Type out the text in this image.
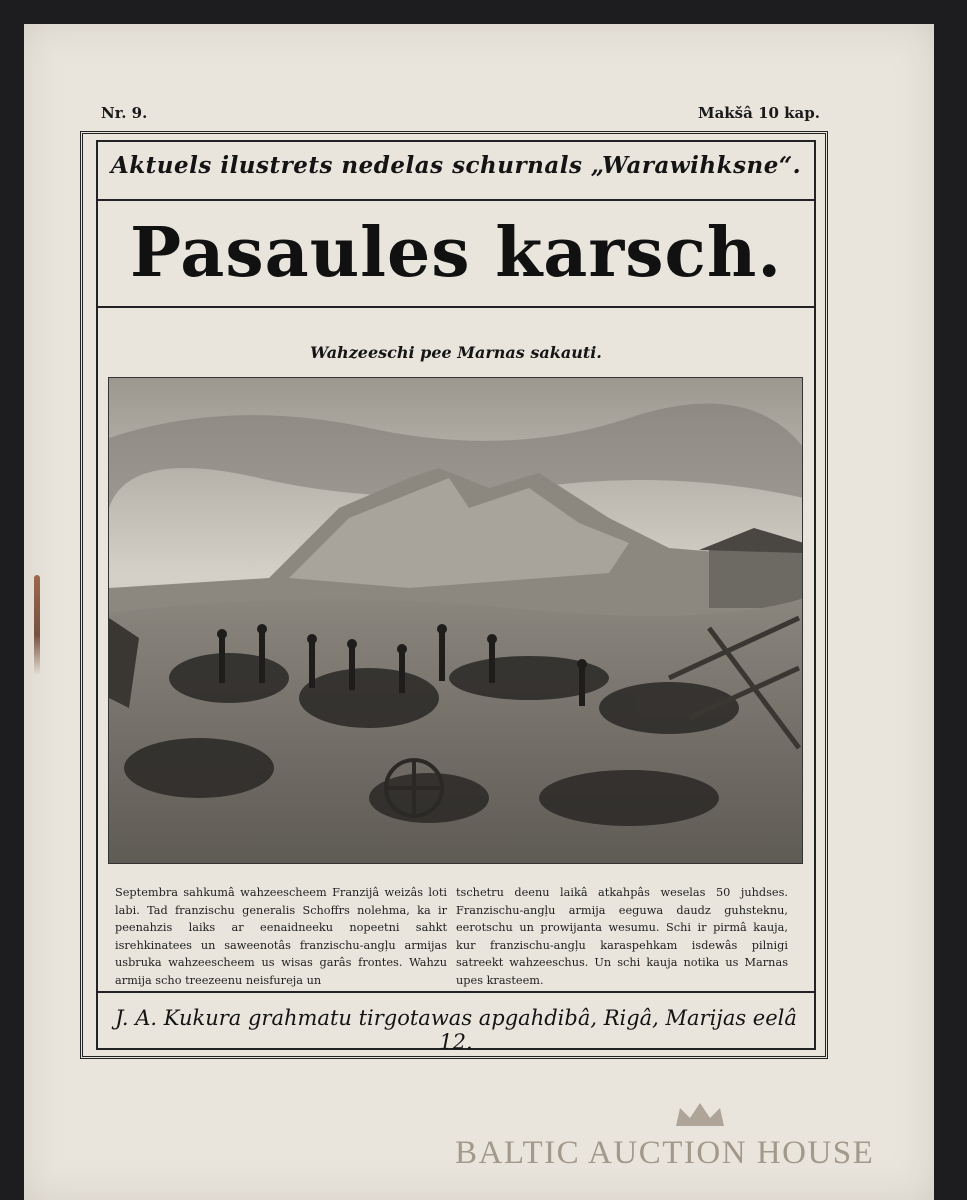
Nr. 9.	Makšâ 10 kap.
Aktuels ilustrets nedelas schurnals „Warawihksne“.
Pasaules karsch.
Wahzeeschi pee Marnas sakauti.
Septembra sahkumâ wahzeescheem Franzijâ weizâs loti labi. Tad franzischu generalis Schoffrs nolehma, ka ir peenahzis laiks ar eenaidneeku nopeetni sahkt isrehkinatees un saweenotâs franzischu-angļu armijas usbruka wahzeescheem us wisas garâs frontes. Wahzu armija scho treezeenu neisfureja un
tschetru deenu laikâ atkahpâs weselas 50 juhdses. Franzischu-angļu armija eeguwa daudz guhsteknu, eerotschu un prowijanta wesumu. Schi ir pirmâ kauja, kur franzischu-angļu karaspehkam isdewâs pilnigi satreekt wahzeeschus. Un schi kauja notika us Marnas upes krasteem.
J. A. Kukura grahmatu tirgotawas apgahdibâ, Rigâ, Marijas eelâ 12.
BALTIC AUCTION HOUSE
